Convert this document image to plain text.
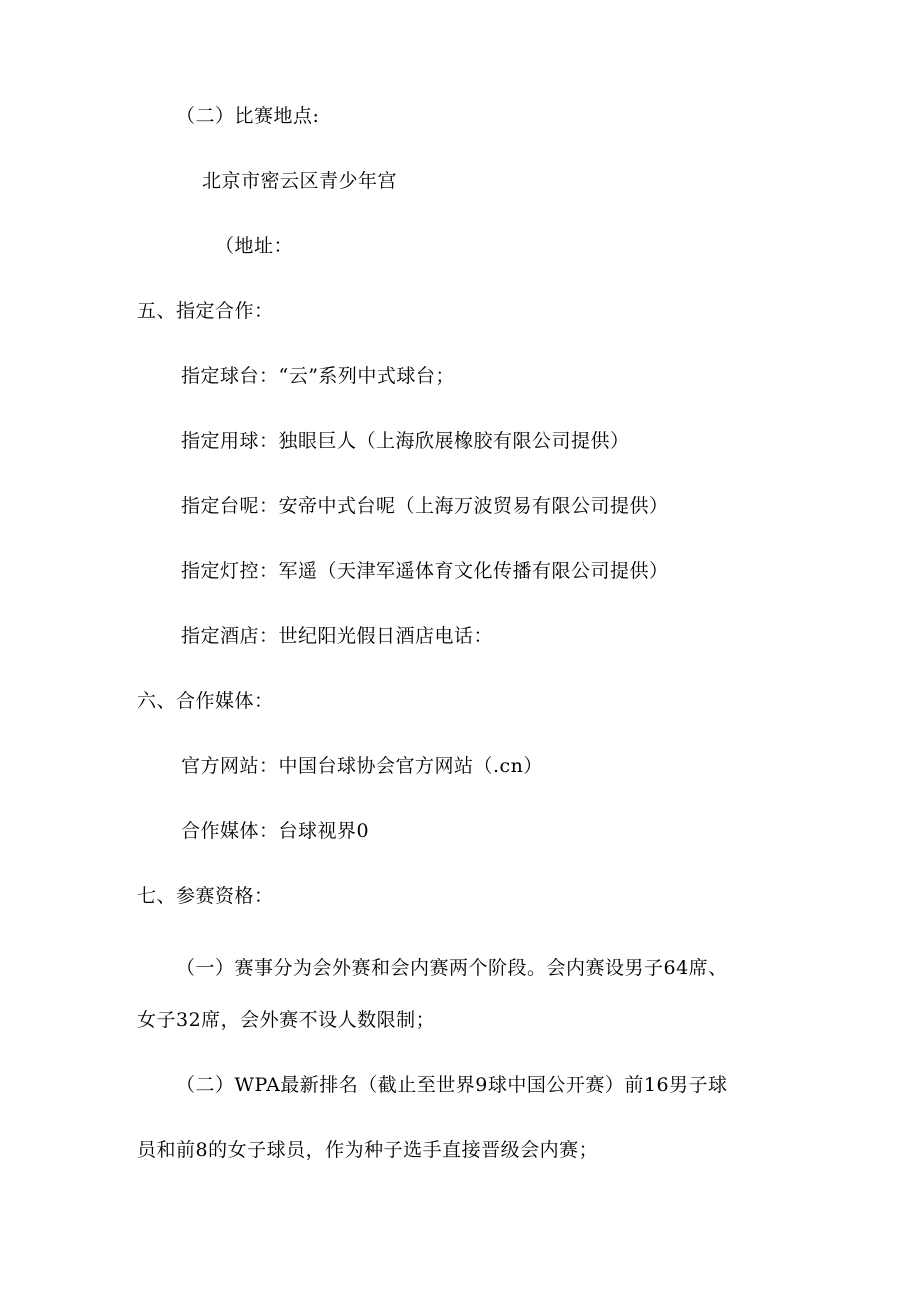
（二）比赛地点:
北京市密云区青少年宫
（地址：
五、指定合作：
指定球台：“云”系列中式球台；
指定用球：独眼巨人（上海欣展橡胶有限公司提供）
指定台呢：安帝中式台呢（上海万波贸易有限公司提供）
指定灯控：军遥（天津军遥体育文化传播有限公司提供）
指定酒店：世纪阳光假日酒店电话：
六、合作媒体：
官方网站：中国台球协会官方网站（.cn）
合作媒体：台球视界0
七、参赛资格：
（一）赛事分为会外赛和会内赛两个阶段。会内赛设男子64席、
女子32席，会外赛不设人数限制；
（二）WPA最新排名（截止至世界9球中国公开赛）前16男子球
员和前8的女子球员，作为种子选手直接晋级会内赛；
